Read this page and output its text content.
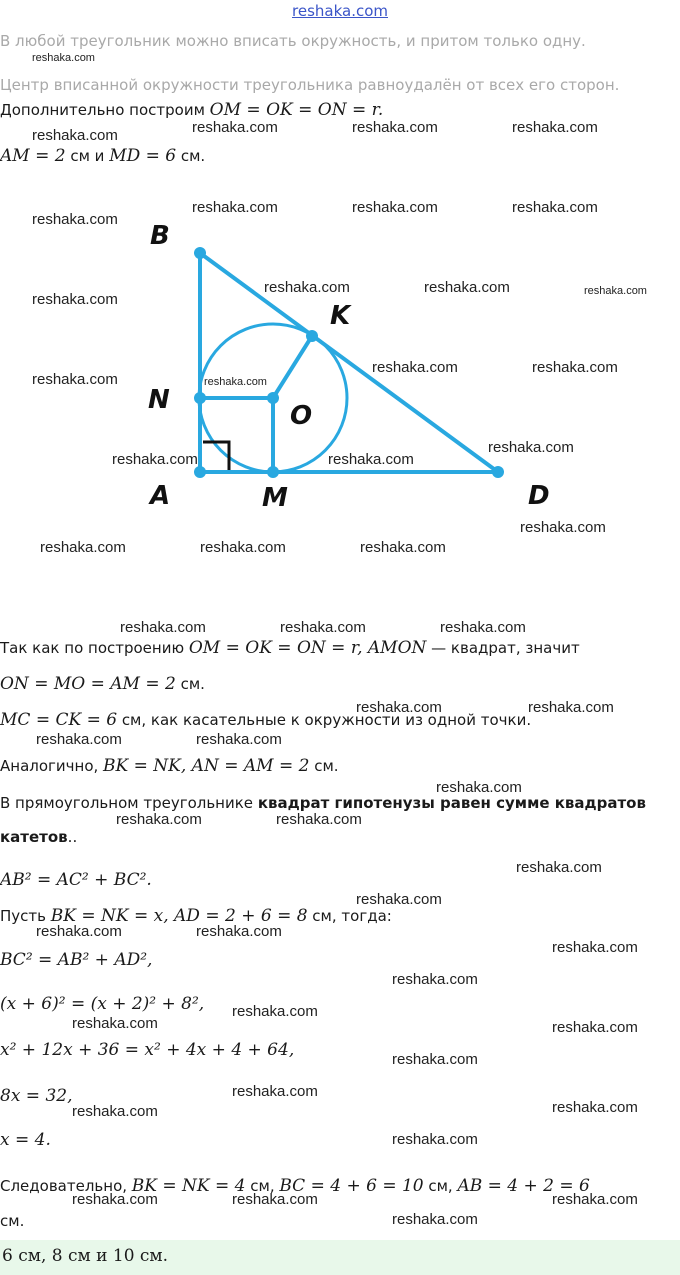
reshaka.com
В любой треугольник можно вписать окружность, и притом только одну.
Центр вписанной окружности треугольника равноудалён от всех его сторон.
Дополнительно построим OM = OK = ON = r.
AM = 2 см и MD = 6 см.
B
K
N
O
A	M	D
Так как по построению OM = OK = ON = r, AMON — квадрат, значит
ON = MO = AM = 2 см.
MC = CK = 6 см, как касательные к окружности из одной точки.
Аналогично, BK = NK, AN = AM = 2 см.
В прямоугольном треугольнике квадрат гипотенузы равен сумме квадратов
катетов..
AB² = AC² + BC².
Пусть BK = NK = x, AD = 2 + 6 = 8 см, тогда:
BC² = AB² + AD²,
(x + 6)² = (x + 2)² + 8²,
x² + 12x + 36 = x² + 4x + 4 + 64,
8x = 32,
x = 4.
Следовательно, BK = NK = 4 см, BC = 4 + 6 = 10 см, AB = 4 + 2 = 6
см.
6 см, 8 см и 10 см.
reshaka.com
reshaka.com	reshaka.com	reshaka.com	reshaka.com
reshaka.com
reshaka.com	reshaka.com	reshaka.com
reshaka.com	reshaka.com	reshaka.com
reshaka.com
reshaka.com	reshaka.com
reshaka.com	reshaka.com
reshaka.com
reshaka.com	reshaka.com
reshaka.com
reshaka.com	reshaka.com	reshaka.com
reshaka.com	reshaka.com	reshaka.com
reshaka.com	reshaka.com
reshaka.com	reshaka.com
reshaka.com
reshaka.com	reshaka.com
reshaka.com
reshaka.com
reshaka.com	reshaka.com
reshaka.com
reshaka.com
reshaka.com
reshaka.com	reshaka.com
reshaka.com
reshaka.com
reshaka.com
reshaka.com
reshaka.com
reshaka.com	reshaka.com	reshaka.com
reshaka.com
